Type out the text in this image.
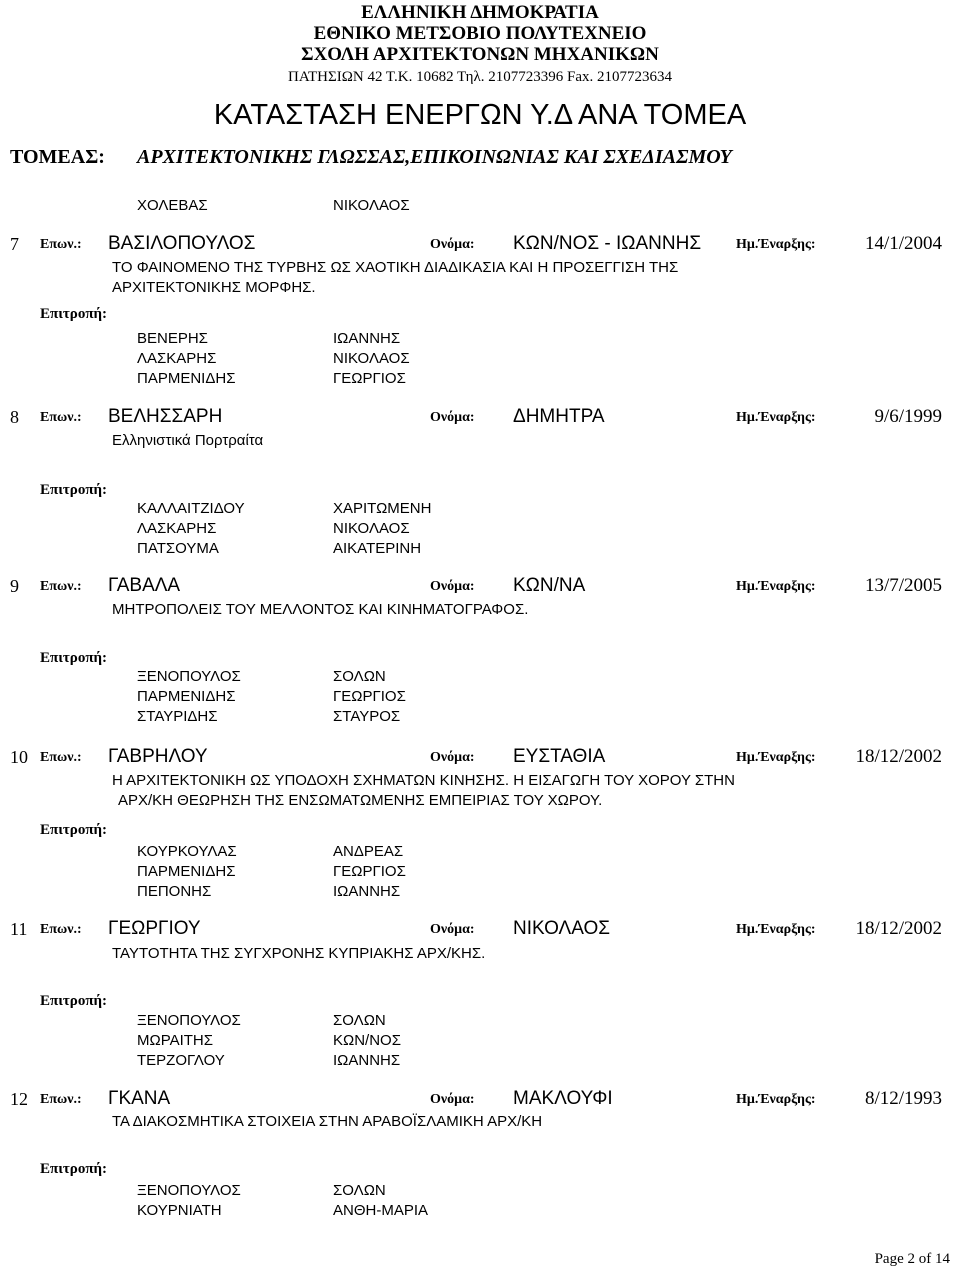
ΕΛΛΗΝΙΚΗ ΔΗΜΟΚΡΑΤΙΑ
ΕΘΝΙΚΟ ΜΕΤΣΟΒΙΟ ΠΟΛΥΤΕΧΝΕΙΟ
ΣΧΟΛΗ ΑΡΧΙΤΕΚΤΟΝΩΝ ΜΗΧΑΝΙΚΩΝ
ΠΑΤΗΣΙΩΝ 42 Τ.Κ. 10682 Τηλ. 2107723396 Fax. 2107723634
ΚΑΤΑΣΤΑΣΗ ΕΝΕΡΓΩΝ Υ.Δ ΑΝΑ ΤΟΜΕΑ
ΤΟΜΕΑΣ: ΑΡΧΙΤΕΚΤΟΝΙΚΗΣ ΓΛΩΣΣΑΣ,ΕΠΙΚΟΙΝΩΝΙΑΣ ΚΑΙ ΣΧΕΔΙΑΣΜΟΥ
ΧΟΛΕΒΑΣ	ΝΙΚΟΛΑΟΣ
7 Επων.: ΒΑΣΙΛΟΠΟΥΛΟΣ	Ονόμα: ΚΩΝ/ΝΟΣ - ΙΩΑΝΝΗΣ Ημ.Έναρξης:	14/1/2004
ΤΟ ΦΑΙΝΟΜΕΝΟ ΤΗΣ ΤΥΡΒΗΣ ΩΣ ΧΑΟΤΙΚΗ ΔΙΑΔΙΚΑΣΙΑ ΚΑΙ Η ΠΡΟΣΕΓΓΙΣΗ ΤΗΣ
ΑΡΧΙΤΕΚΤΟΝΙΚΗΣ ΜΟΡΦΗΣ.
Επιτροπή:
ΒΕΝΕΡΗΣ	ΙΩΑΝΝΗΣ
ΛΑΣΚΑΡΗΣ	ΝΙΚΟΛΑΟΣ
ΠΑΡΜΕΝΙΔΗΣ	ΓΕΩΡΓΙΟΣ
8 Επων.: ΒΕΛΗΣΣΑΡΗ	Ονόμα: ΔΗΜΗΤΡΑ	Ημ.Έναρξης:	9/6/1999
Ελληνιστικά Πορτραίτα
Επιτροπή:
ΚΑΛΛΑΙΤΖΙΔΟΥ	ΧΑΡΙΤΩΜΕΝΗ
ΛΑΣΚΑΡΗΣ	ΝΙΚΟΛΑΟΣ
ΠΑΤΣΟΥΜΑ	ΑΙΚΑΤΕΡΙΝΗ
9 Επων.: ΓΑΒΑΛΑ	Ονόμα: ΚΩΝ/ΝΑ	Ημ.Έναρξης:	13/7/2005
ΜΗΤΡΟΠΟΛΕΙΣ ΤΟΥ ΜΕΛΛΟΝΤΟΣ ΚΑΙ ΚΙΝΗΜΑΤΟΓΡΑΦΟΣ.
Επιτροπή:
ΞΕΝΟΠΟΥΛΟΣ	ΣΟΛΩΝ
ΠΑΡΜΕΝΙΔΗΣ	ΓΕΩΡΓΙΟΣ
ΣΤΑΥΡΙΔΗΣ	ΣΤΑΥΡΟΣ
10 Επων.: ΓΑΒΡΗΛΟΥ	Ονόμα: ΕΥΣΤΑΘΙΑ	Ημ.Έναρξης: 18/12/2002
Η ΑΡΧΙΤΕΚΤΟΝΙΚΗ ΩΣ ΥΠΟΔΟΧΗ ΣΧΗΜΑΤΩΝ ΚΙΝΗΣΗΣ. Η ΕΙΣΑΓΩΓΗ ΤΟΥ ΧΟΡΟΥ ΣΤΗΝ
ΑΡΧ/ΚΗ ΘΕΩΡΗΣΗ ΤΗΣ ΕΝΣΩΜΑΤΩΜΕΝΗΣ ΕΜΠΕΙΡΙΑΣ ΤΟΥ ΧΩΡΟΥ.
Επιτροπή:
ΚΟΥΡΚΟΥΛΑΣ	ΑΝΔΡΕΑΣ
ΠΑΡΜΕΝΙΔΗΣ	ΓΕΩΡΓΙΟΣ
ΠΕΠΟΝΗΣ	ΙΩΑΝΝΗΣ
11 Επων.: ΓΕΩΡΓΙΟΥ	Ονόμα: ΝΙΚΟΛΑΟΣ	Ημ.Έναρξης: 18/12/2002
ΤΑΥΤΟΤΗΤΑ ΤΗΣ ΣΥΓΧΡΟΝΗΣ ΚΥΠΡΙΑΚΗΣ ΑΡΧ/ΚΗΣ.
Επιτροπή:
ΞΕΝΟΠΟΥΛΟΣ	ΣΟΛΩΝ
ΜΩΡΑΙΤΗΣ	ΚΩΝ/ΝΟΣ
ΤΕΡΖΟΓΛΟΥ	ΙΩΑΝΝΗΣ
12 Επων.: ΓΚΑΝΑ	Ονόμα: ΜΑΚΛΟΥΦΙ	Ημ.Έναρξης:	8/12/1993
ΤΑ ΔΙΑΚΟΣΜΗΤΙΚΑ ΣΤΟΙΧΕΙΑ ΣΤΗΝ ΑΡΑΒΟΪΣΛΑΜΙΚΗ ΑΡΧ/ΚΗ
Επιτροπή:
ΞΕΝΟΠΟΥΛΟΣ	ΣΟΛΩΝ
ΚΟΥΡΝΙΑΤΗ	ΑΝΘΗ-ΜΑΡΙΑ
Page 2 of 14
